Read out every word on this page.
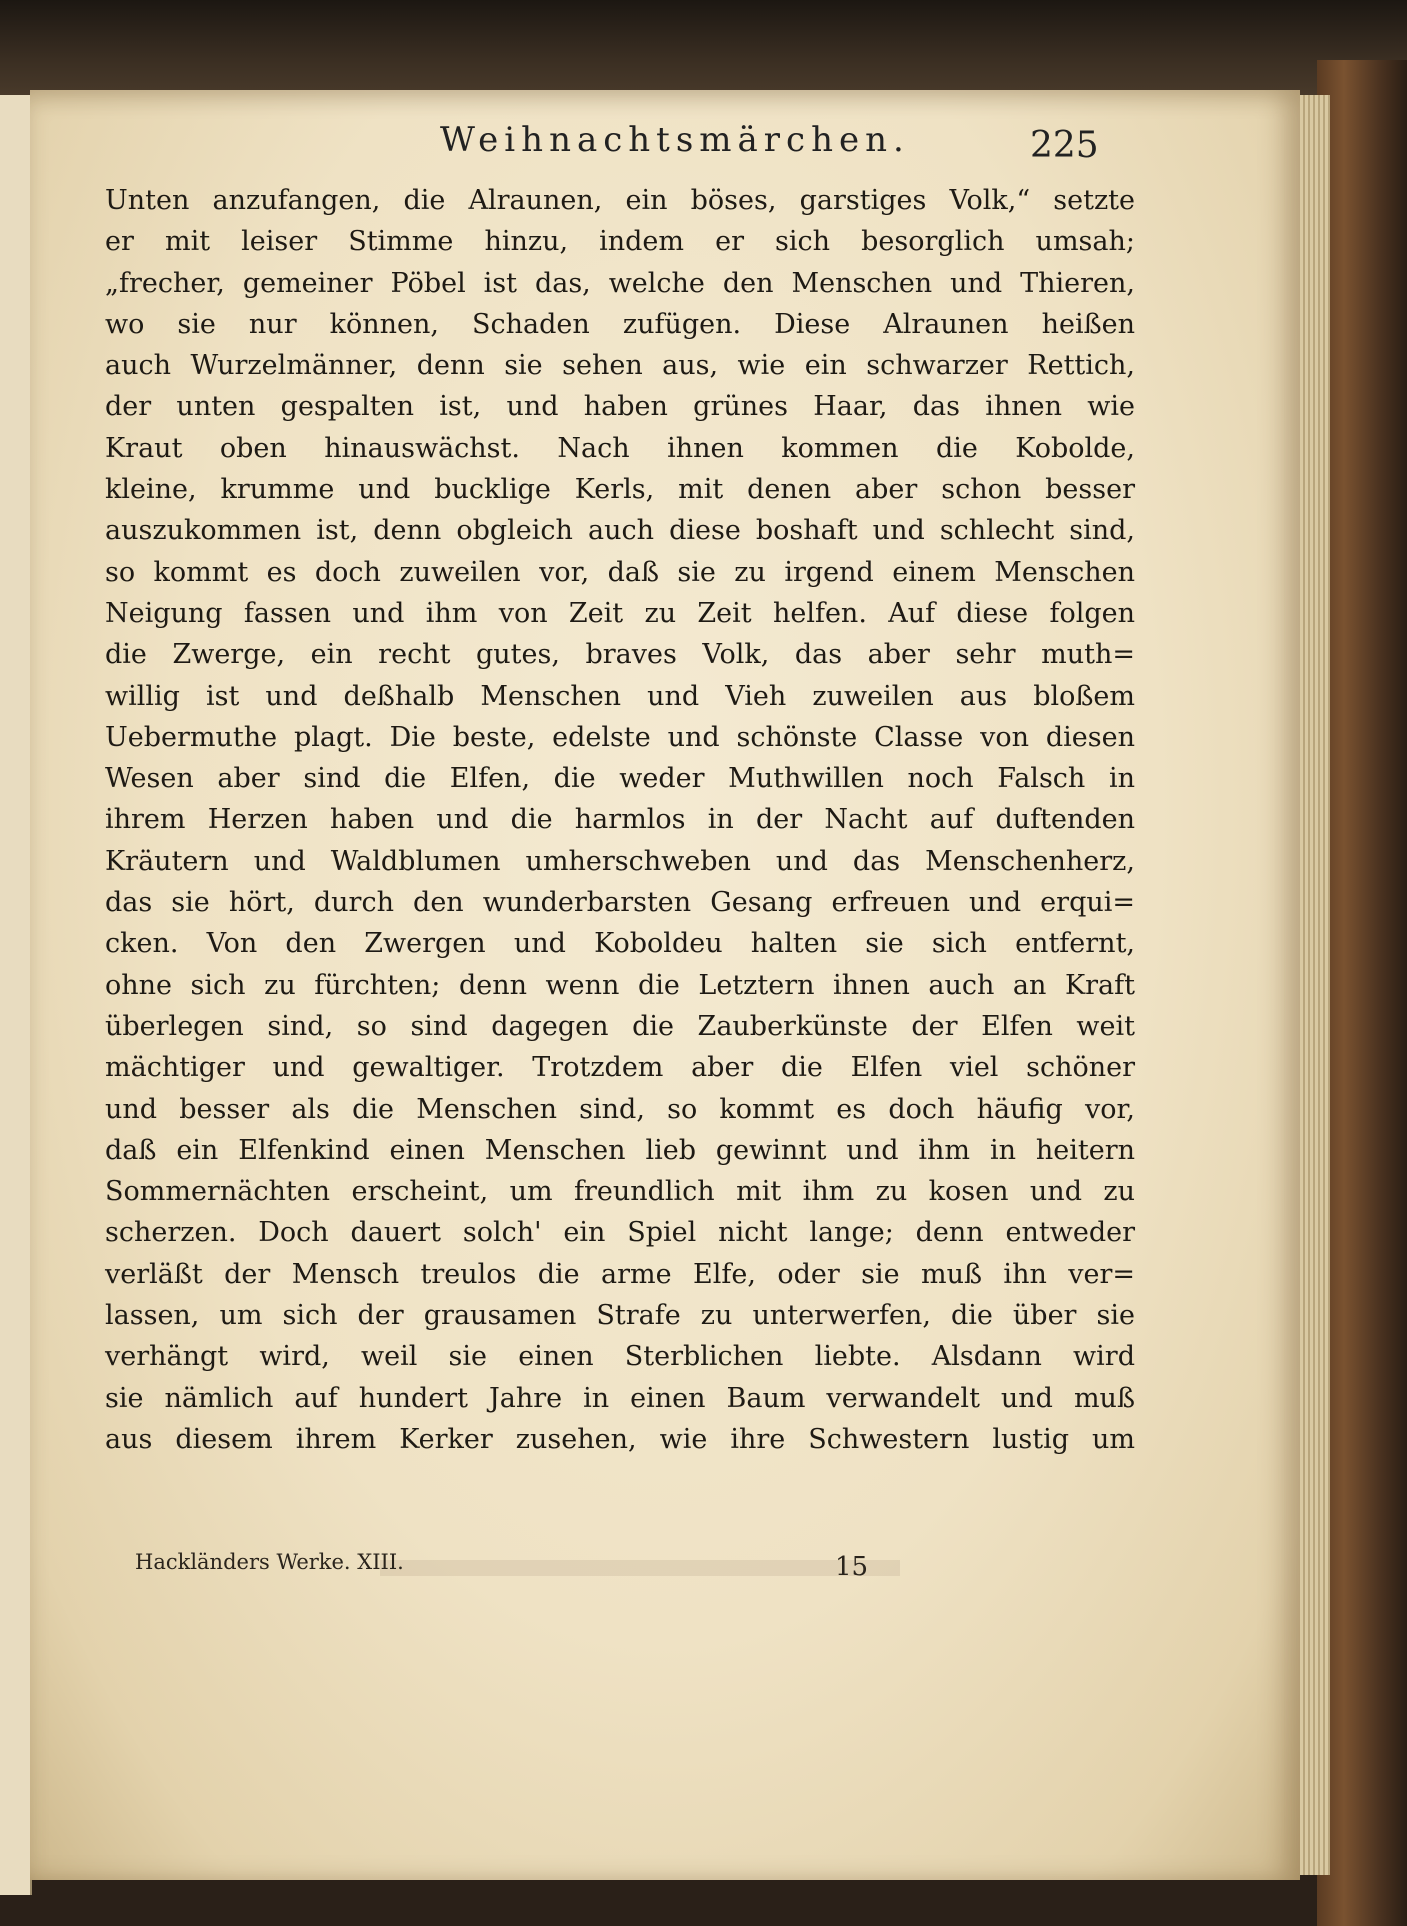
Weihnachtsmärchen.	225
Unten anzufangen, die Alraunen, ein böses, garstiges Volk,“ setzte
er mit leiser Stimme hinzu, indem er sich besorglich umsah;
„frecher, gemeiner Pöbel ist das, welche den Menschen und Thieren,
wo sie nur können, Schaden zufügen. Diese Alraunen heißen
auch Wurzelmänner, denn sie sehen aus, wie ein schwarzer Rettich,
der unten gespalten ist, und haben grünes Haar, das ihnen wie
Kraut oben hinauswächst. Nach ihnen kommen die Kobolde,
kleine, krumme und bucklige Kerls, mit denen aber schon besser
auszukommen ist, denn obgleich auch diese boshaft und schlecht sind,
so kommt es doch zuweilen vor, daß sie zu irgend einem Menschen
Neigung fassen und ihm von Zeit zu Zeit helfen. Auf diese folgen
die Zwerge, ein recht gutes, braves Volk, das aber sehr muth=
willig ist und deßhalb Menschen und Vieh zuweilen aus bloßem
Uebermuthe plagt. Die beste, edelste und schönste Classe von diesen
Wesen aber sind die Elfen, die weder Muthwillen noch Falsch in
ihrem Herzen haben und die harmlos in der Nacht auf duftenden
Kräutern und Waldblumen umherschweben und das Menschenherz,
das sie hört, durch den wunderbarsten Gesang erfreuen und erqui=
cken. Von den Zwergen und Koboldeu halten sie sich entfernt,
ohne sich zu fürchten; denn wenn die Letztern ihnen auch an Kraft
überlegen sind, so sind dagegen die Zauberkünste der Elfen weit
mächtiger und gewaltiger. Trotzdem aber die Elfen viel schöner
und besser als die Menschen sind, so kommt es doch häufig vor,
daß ein Elfenkind einen Menschen lieb gewinnt und ihm in heitern
Sommernächten erscheint, um freundlich mit ihm zu kosen und zu
scherzen. Doch dauert solch' ein Spiel nicht lange; denn entweder
verläßt der Mensch treulos die arme Elfe, oder sie muß ihn ver=
lassen, um sich der grausamen Strafe zu unterwerfen, die über sie
verhängt wird, weil sie einen Sterblichen liebte. Alsdann wird
sie nämlich auf hundert Jahre in einen Baum verwandelt und muß
aus diesem ihrem Kerker zusehen, wie ihre Schwestern lustig um
Hackländers Werke. XIII.	15
